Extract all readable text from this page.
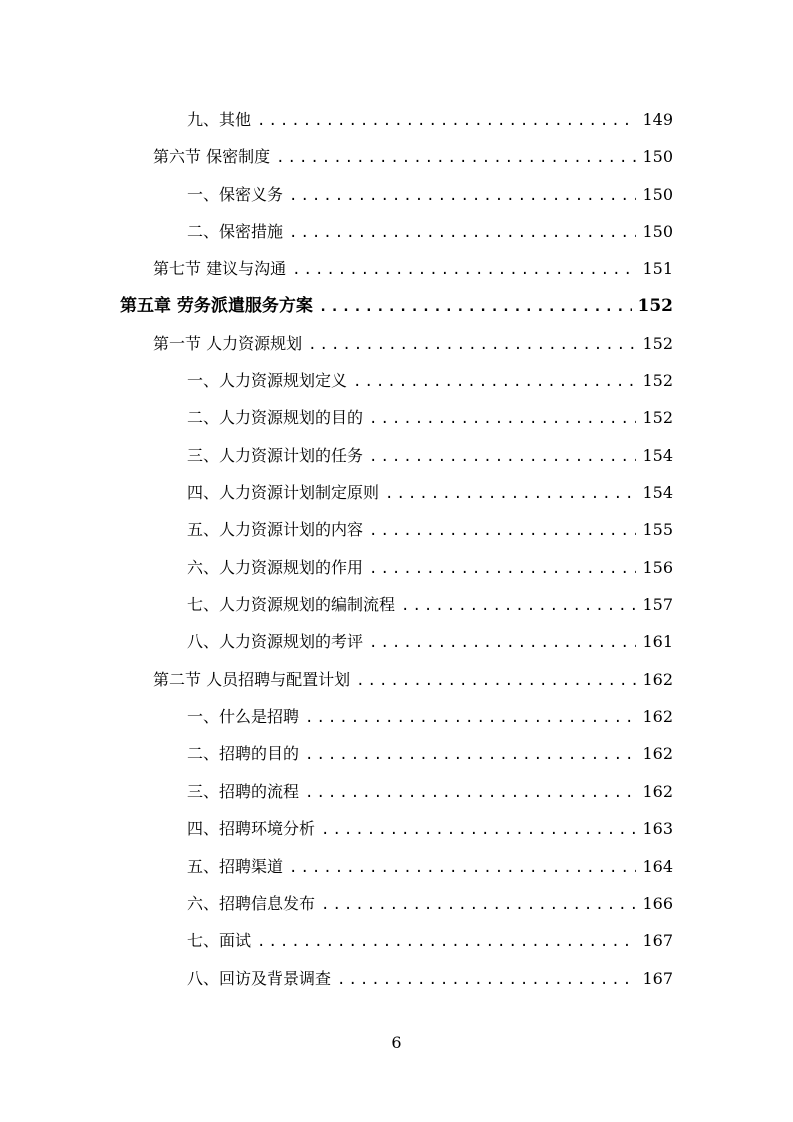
九、其他 .....	149
第六节 保密制度 .....	150
一、保密义务 .....	150
二、保密措施 .....	150
第七节 建议与沟通 .....	151
第五章 劳务派遣服务方案 .....	152
第一节 人力资源规划 .....	152
一、人力资源规划定义 .....	152
二、人力资源规划的目的 .....	152
三、人力资源计划的任务 .....	154
四、人力资源计划制定原则 .....	154
五、人力资源计划的内容 .....	155
六、人力资源规划的作用 .....	156
七、人力资源规划的编制流程 .....	157
八、人力资源规划的考评 .....	161
第二节 人员招聘与配置计划 .....	162
一、什么是招聘 .....	162
二、招聘的目的 .....	162
三、招聘的流程 .....	162
四、招聘环境分析 .....	163
五、招聘渠道 .....	164
六、招聘信息发布 .....	166
七、面试 .....	167
八、回访及背景调查 .....	167
6
